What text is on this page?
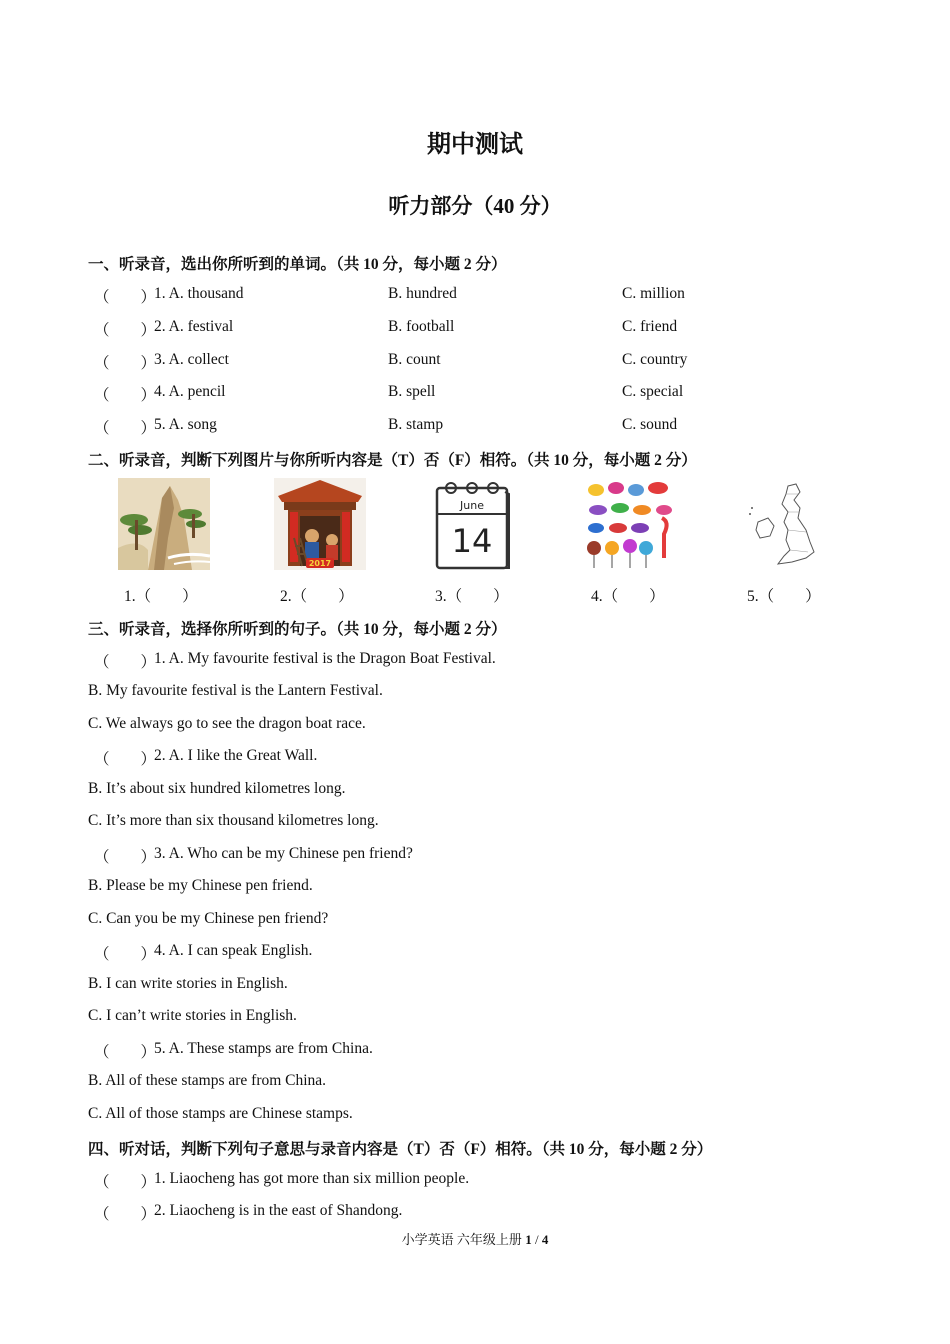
期中测试
听力部分（40 分）
一、听录音，选出你所听到的单词。（共 10 分，每小题 2 分）
（　　）
1. A. thousand	B. hundred	C. million
（　　）
2. A. festival	B. football	C. friend
（　　）
3. A. collect	B. count	C. country
（　　）
4. A. pencil	B. spell	C. special
（　　）
5. A. song	B. stamp	C. sound
二、听录音，判断下列图片与你所听内容是（T）否（F）相符。（共 10 分，每小题 2 分）
2017
June
14
1.（　　）	2.（　　）	3.（　　）	4.（　　）	5.（　　）
三、听录音，选择你所听到的句子。（共 10 分，每小题 2 分）
（　　）
1. A. My favourite festival is the Dragon Boat Festival.
B. My favourite festival is the Lantern Festival.
C. We always go to see the dragon boat race.
（　　）
2. A. I like the Great Wall.
B. It’s about six hundred kilometres long.
C. It’s more than six thousand kilometres long.
（　　）
3. A. Who can be my Chinese pen friend?
B. Please be my Chinese pen friend.
C. Can you be my Chinese pen friend?
（　　）
4. A. I can speak English.
B. I can write stories in English.
C. I can’t write stories in English.
（　　）
5. A. These stamps are from China.
B. All of these stamps are from China.
C. All of those stamps are Chinese stamps.
四、听对话，判断下列句子意思与录音内容是（T）否（F）相符。（共 10 分，每小题 2 分）
（　　）
1. Liaocheng has got more than six million people.
（　　）
2. Liaocheng is in the east of Shandong.
小学英语 六年级上册 1 / 4
